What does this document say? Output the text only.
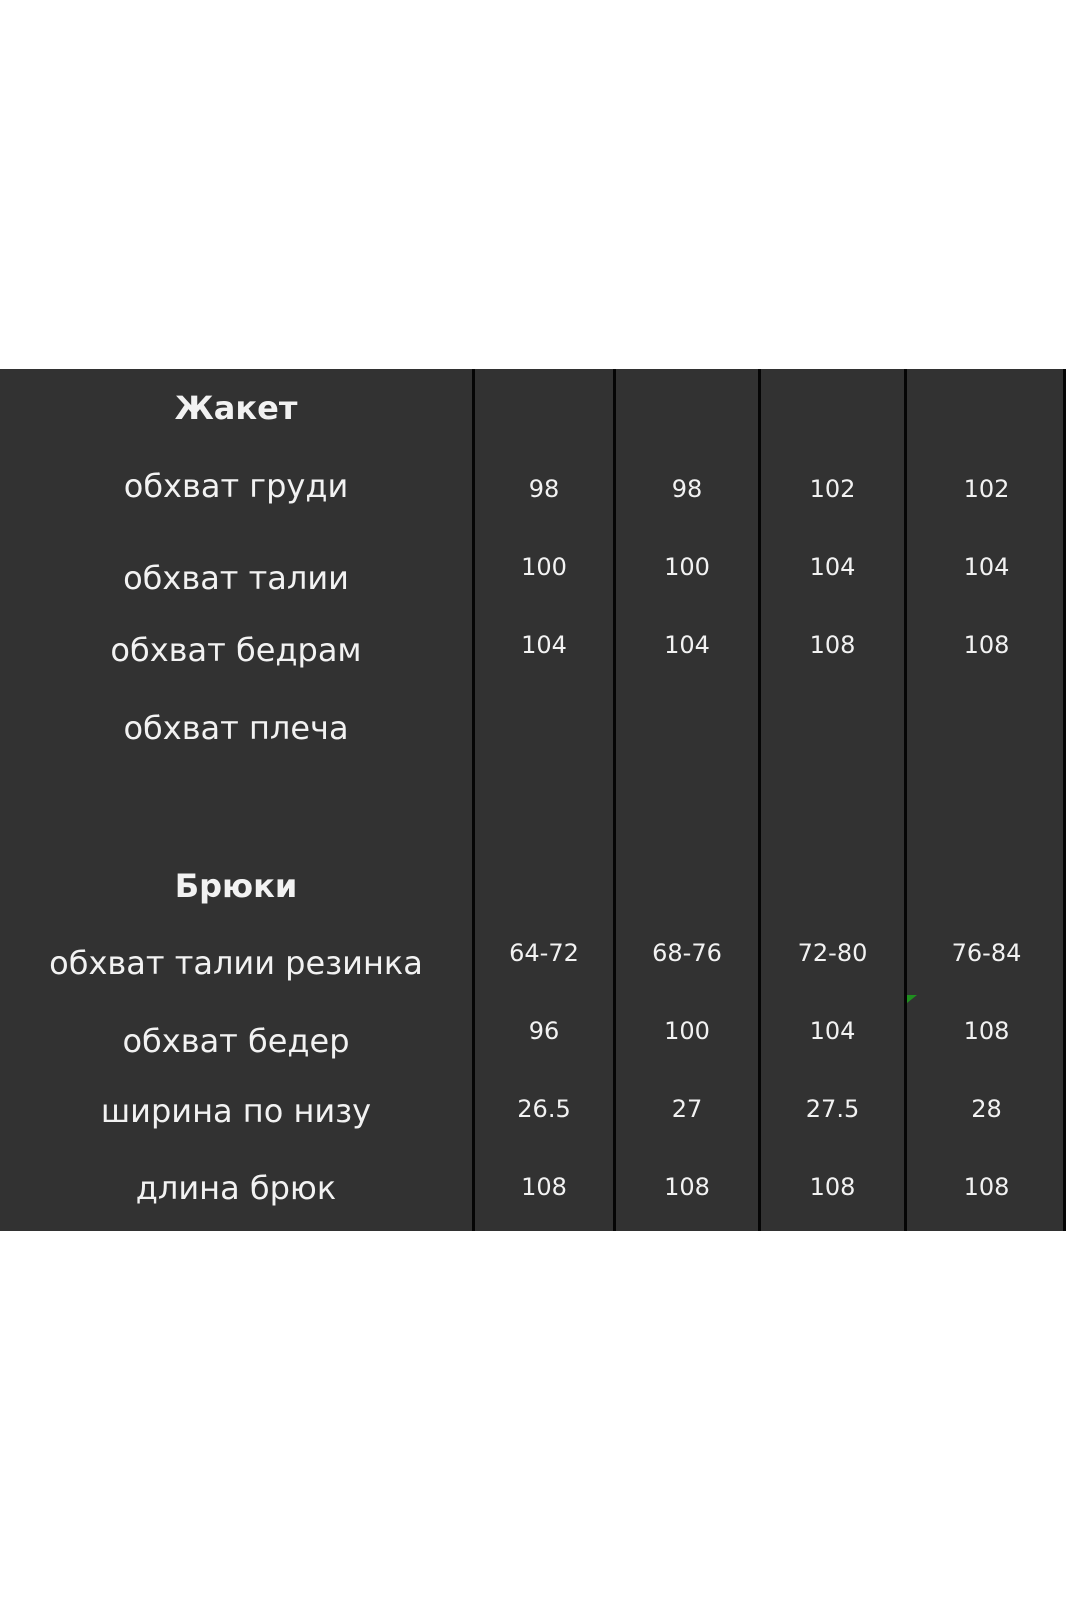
Жакет
обхват груди	98	98	102	102
обхват талии	100	100	104	104
обхват бедрам	104	104	108	108
обхват плеча
Брюки
обхват талии резинка	64-72	68-76	72-80	76-84
обхват бедер	96	100	104	108
ширина по низу	26.5	27	27.5	28
длина брюк	108	108	108	108
